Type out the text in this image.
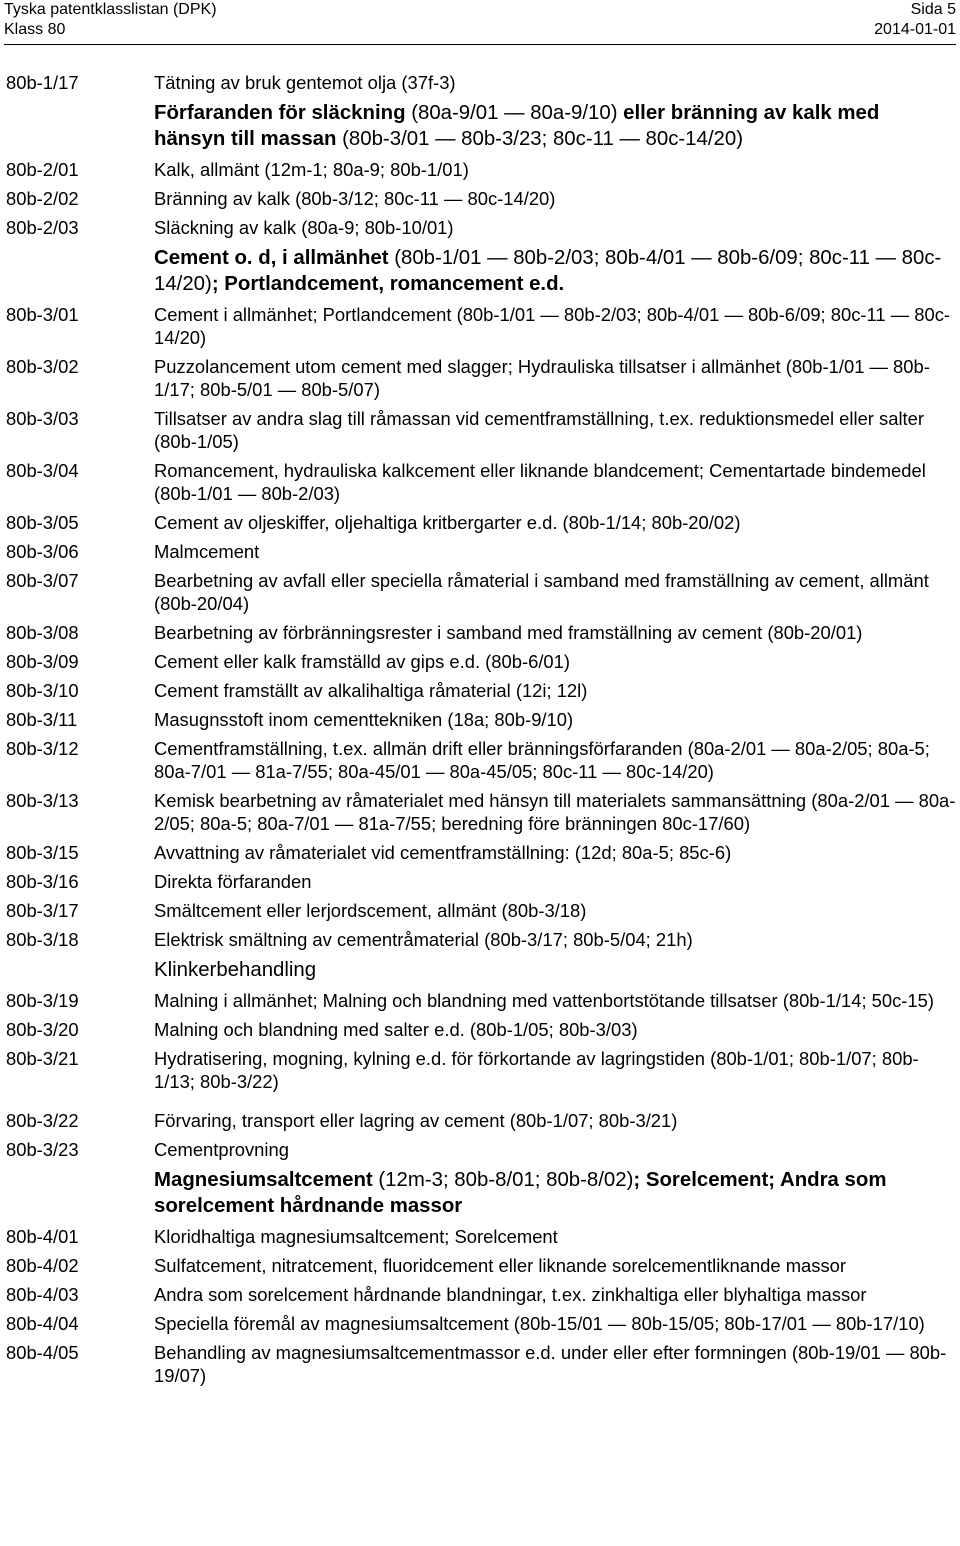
Tyska patentklasslistan (DPK)	Sida 5
Klass 80	2014-01-01
80b-1/17	Tätning av bruk gentemot olja (37f-3)
Förfaranden för släckning (80a-9/01 — 80a-9/10) eller bränning av kalk med hänsyn till massan (80b-3/01 — 80b-3/23; 80c-11 — 80c-14/20)
80b-2/01	Kalk, allmänt (12m-1; 80a-9; 80b-1/01)
80b-2/02	Bränning av kalk (80b-3/12; 80c-11 — 80c-14/20)
80b-2/03	Släckning av kalk (80a-9; 80b-10/01)
Cement o. d, i allmänhet (80b-1/01 — 80b-2/03; 80b-4/01 — 80b-6/09; 80c-11 — 80c-14/20); Portlandcement, romancement e.d.
80b-3/01	Cement i allmänhet; Portlandcement (80b-1/01 — 80b-2/03; 80b-4/01 — 80b-6/09; 80c-11 — 80c-14/20)
80b-3/02	Puzzolancement utom cement med slagger; Hydrauliska tillsatser i allmänhet (80b-1/01 — 80b-1/17; 80b-5/01 — 80b-5/07)
80b-3/03	Tillsatser av andra slag till råmassan vid cementframställning, t.ex. reduktionsmedel eller salter (80b-1/05)
80b-3/04	Romancement, hydrauliska kalkcement eller liknande blandcement; Cementartade bindemedel (80b-1/01 — 80b-2/03)
80b-3/05	Cement av oljeskiffer, oljehaltiga kritbergarter e.d. (80b-1/14; 80b-20/02)
80b-3/06	Malmcement
80b-3/07	Bearbetning av avfall eller speciella råmaterial i samband med framställning av cement, allmänt (80b-20/04)
80b-3/08	Bearbetning av förbränningsrester i samband med framställning av cement (80b-20/01)
80b-3/09	Cement eller kalk framställd av gips e.d. (80b-6/01)
80b-3/10	Cement framställt av alkalihaltiga råmaterial (12i; 12l)
80b-3/11	Masugnsstoft inom cementtekniken (18a; 80b-9/10)
80b-3/12	Cementframställning, t.ex. allmän drift eller bränningsförfaranden (80a-2/01 — 80a-2/05; 80a-5; 80a-7/01 — 81a-7/55; 80a-45/01 — 80a-45/05; 80c-11 — 80c-14/20)
80b-3/13	Kemisk bearbetning av råmaterialet med hänsyn till materialets sammansättning (80a-2/01 — 80a-2/05; 80a-5; 80a-7/01 — 81a-7/55; beredning före bränningen 80c-17/60)
80b-3/15	Avvattning av råmaterialet vid cementframställning: (12d; 80a-5; 85c-6)
80b-3/16	Direkta förfaranden
80b-3/17	Smältcement eller lerjordscement, allmänt (80b-3/18)
80b-3/18	Elektrisk smältning av cementråmaterial (80b-3/17; 80b-5/04; 21h)
Klinkerbehandling
80b-3/19	Malning i allmänhet; Malning och blandning med vattenbortstötande tillsatser (80b-1/14; 50c-15)
80b-3/20	Malning och blandning med salter e.d. (80b-1/05; 80b-3/03)
80b-3/21	Hydratisering, mogning, kylning e.d. för förkortande av lagringstiden (80b-1/01; 80b-1/07; 80b-1/13; 80b-3/22)
80b-3/22	Förvaring, transport eller lagring av cement (80b-1/07; 80b-3/21)
80b-3/23	Cementprovning
Magnesiumsaltcement (12m-3; 80b-8/01; 80b-8/02); Sorelcement; Andra som sorelcement hårdnande massor
80b-4/01	Kloridhaltiga magnesiumsaltcement; Sorelcement
80b-4/02	Sulfatcement, nitratcement, fluoridcement eller liknande sorelcementliknande massor
80b-4/03	Andra som sorelcement hårdnande blandningar, t.ex. zinkhaltiga eller blyhaltiga massor
80b-4/04	Speciella föremål av magnesiumsaltcement (80b-15/01 — 80b-15/05; 80b-17/01 — 80b-17/10)
80b-4/05	Behandling av magnesiumsaltcementmassor e.d. under eller efter formningen (80b-19/01 — 80b-19/07)
